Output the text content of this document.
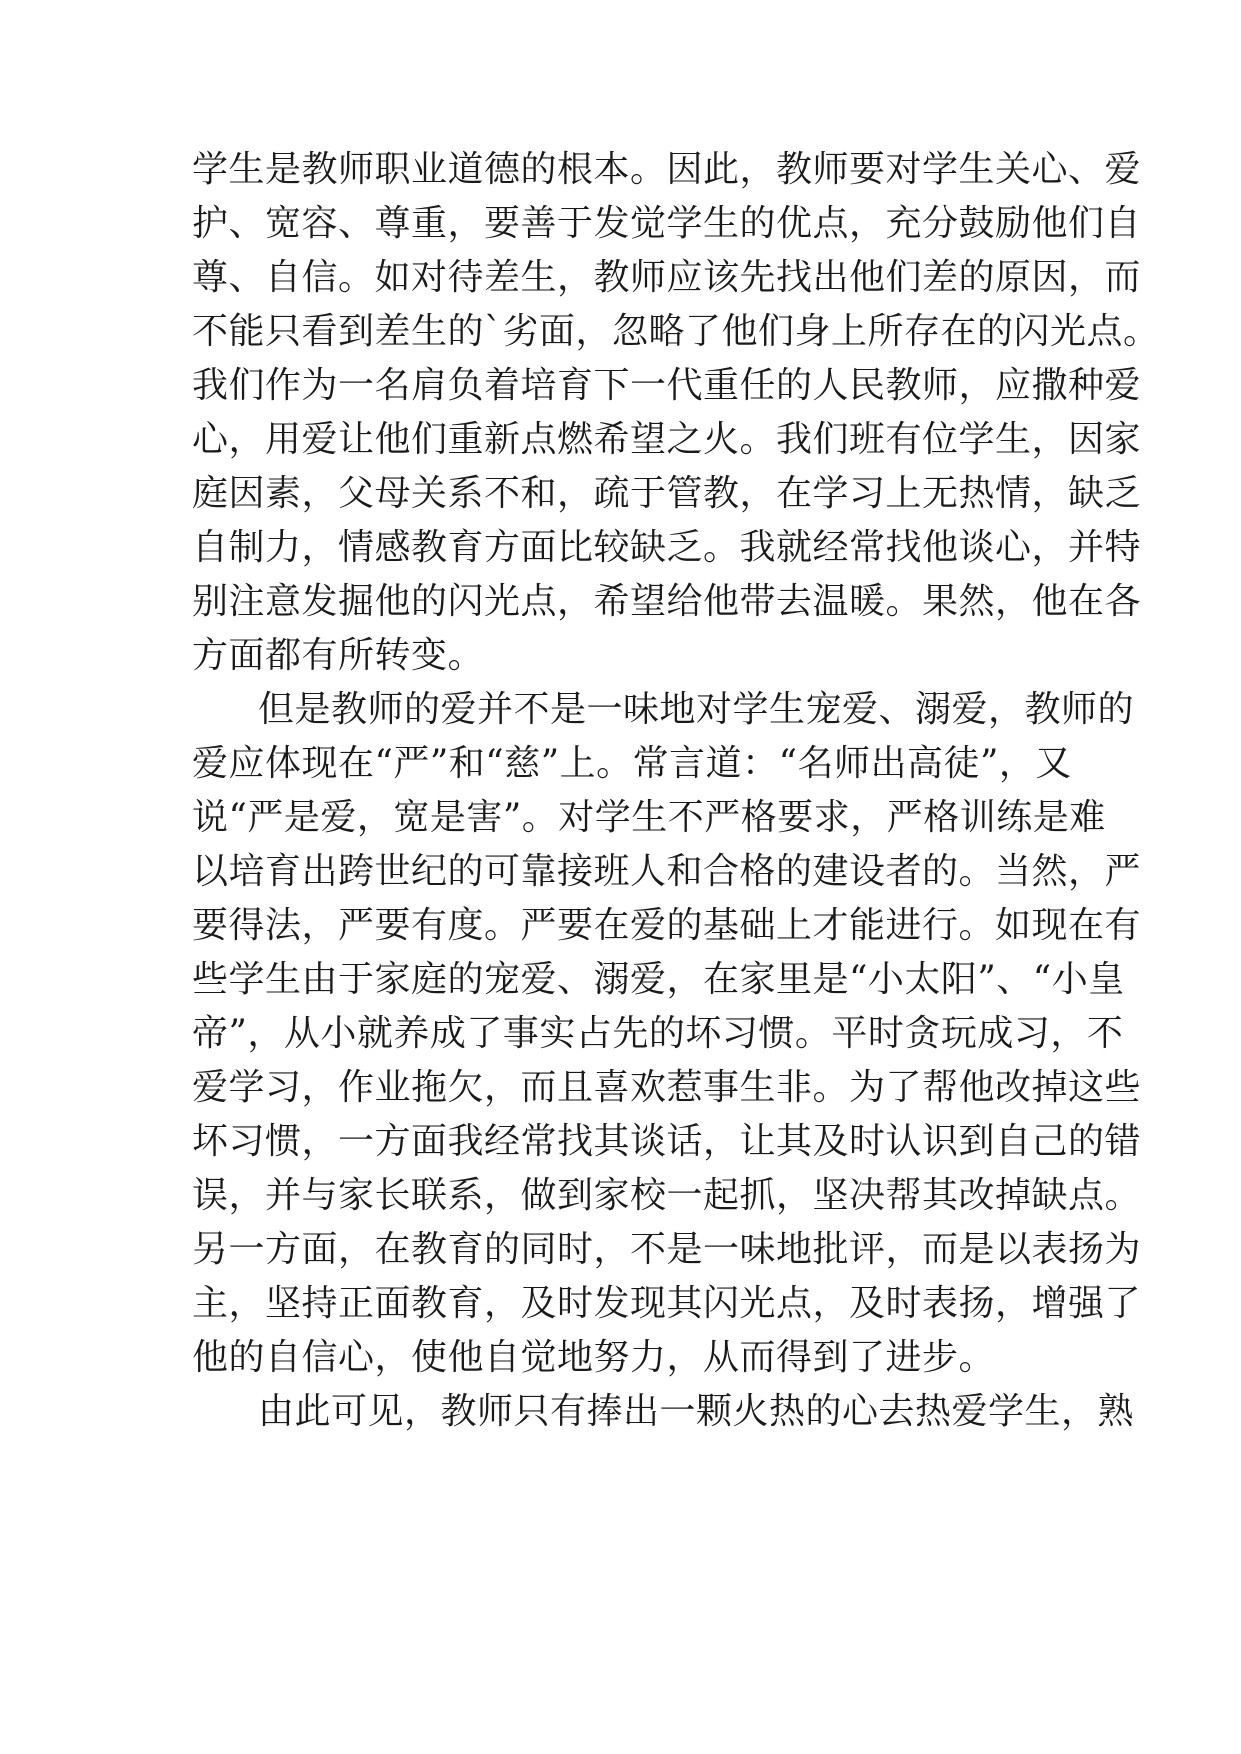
学生是教师职业道德的根本。因此，教师要对学生关心、爱
护、宽容、尊重，要善于发觉学生的优点，充分鼓励他们自
尊、自信。如对待差生，教师应该先找出他们差的原因，而
不能只看到差生的`劣面，忽略了他们身上所存在的闪光点。
我们作为一名肩负着培育下一代重任的人民教师，应撒种爱
心，用爱让他们重新点燃希望之火。我们班有位学生，因家
庭因素，父母关系不和，疏于管教，在学习上无热情，缺乏
自制力，情感教育方面比较缺乏。我就经常找他谈心，并特
别注意发掘他的闪光点，希望给他带去温暖。果然，他在各
方面都有所转变。
但是教师的爱并不是一味地对学生宠爱、溺爱，教师的
爱应体现在“严”和“慈”上。常言道：“名师出高徒”，又
说“严是爱，宽是害”。对学生不严格要求，严格训练是难
以培育出跨世纪的可靠接班人和合格的建设者的。当然，严
要得法，严要有度。严要在爱的基础上才能进行。如现在有
些学生由于家庭的宠爱、溺爱，在家里是“小太阳”、“小皇
帝”，从小就养成了事实占先的坏习惯。平时贪玩成习，不
爱学习，作业拖欠，而且喜欢惹事生非。为了帮他改掉这些
坏习惯，一方面我经常找其谈话，让其及时认识到自己的错
误，并与家长联系，做到家校一起抓，坚决帮其改掉缺点。
另一方面，在教育的同时，不是一味地批评，而是以表扬为
主，坚持正面教育，及时发现其闪光点，及时表扬，增强了
他的自信心，使他自觉地努力，从而得到了进步。
由此可见，教师只有捧出一颗火热的心去热爱学生，熟
